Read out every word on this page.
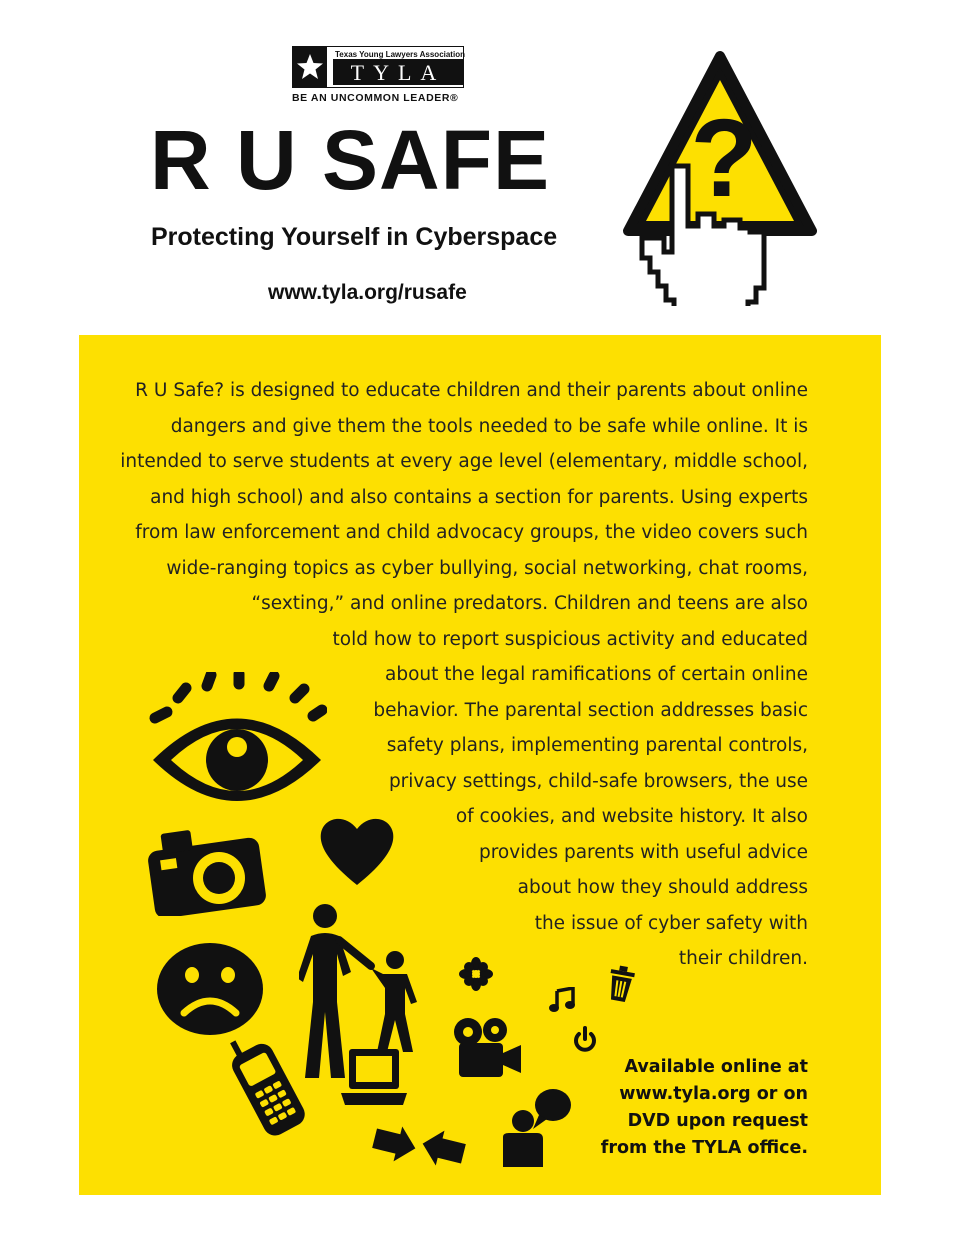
Texas Young Lawyers Association
TYLA
BE AN UNCOMMON LEADER®
R U SAFE
Protecting Yourself in Cyberspace
www.tyla.org/rusafe
?
R U Safe? is designed to educate children and their parents about online
dangers and give them the tools needed to be safe while online. It is
intended to serve students at every age level (elementary, middle school,
and high school) and also contains a section for parents. Using experts
from law enforcement and child advocacy groups, the video covers such
wide-ranging topics as cyber bullying, social networking, chat rooms,
“sexting,” and online predators. Children and teens are also
told how to report suspicious activity and educated
about the legal ramifications of certain online
behavior. The parental section addresses basic
safety plans, implementing parental controls,
privacy settings, child-safe browsers, the use
of cookies, and website history. It also
provides parents with useful advice
about how they should address
the issue of cyber safety with
their children.
Available online at
www.tyla.org or on
DVD upon request
from the TYLA office.
